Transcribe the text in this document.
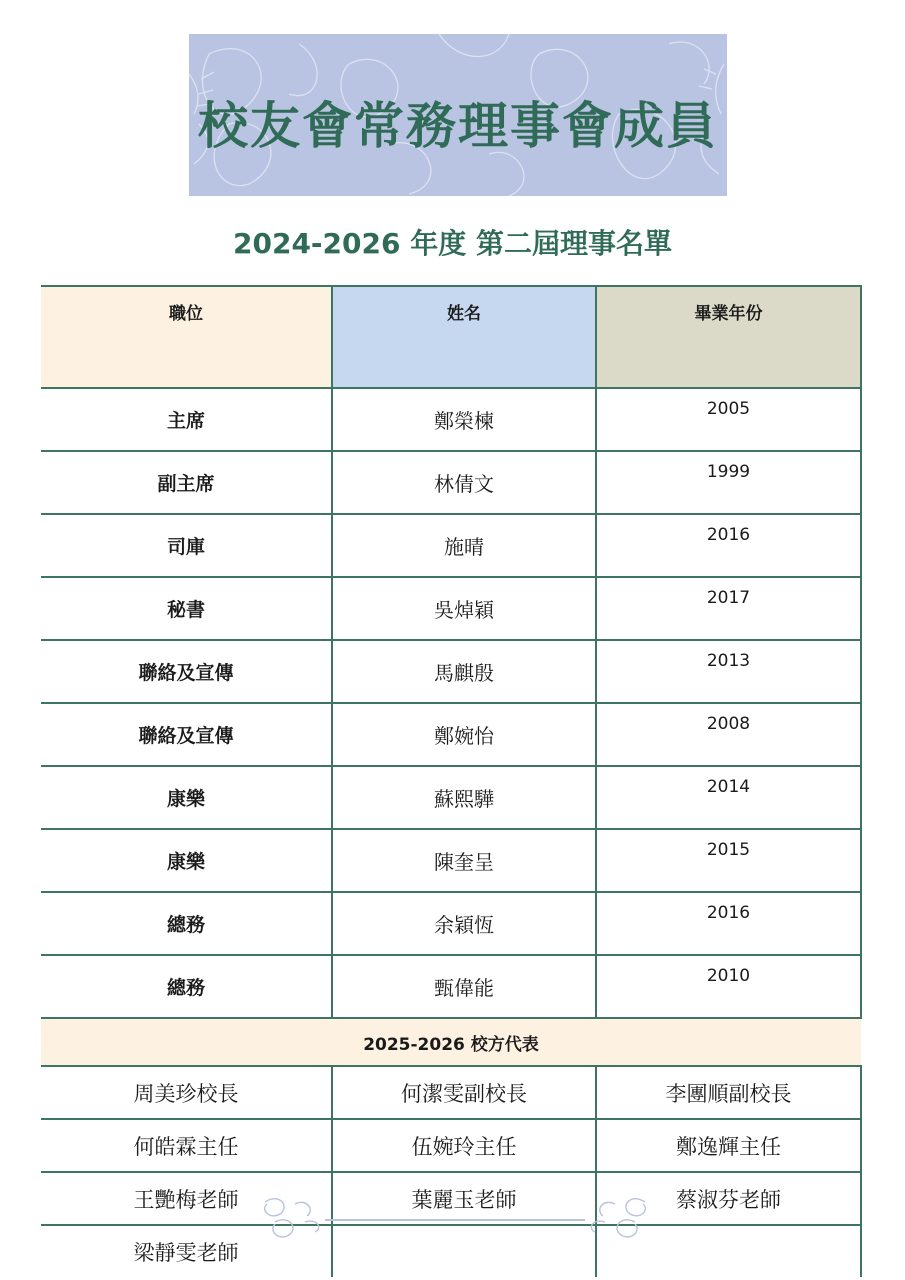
校友會常務理事會成員
2024-2026 年度 第二屆理事名單
職位	姓名	畢業年份
主席	鄭榮楝	2005
副主席	林倩文	1999
司庫	施晴	2016
秘書	吳焯穎	2017
聯絡及宣傳	馬麒殷	2013
聯絡及宣傳	鄭婉怡	2008
康樂	蘇熙驊	2014
康樂	陳奎呈	2015
總務	余穎恆	2016
總務	甄偉能	2010
2025-2026 校方代表		
周美珍校長	何潔雯副校長	李團順副校長
何皓霖主任	伍婉玲主任	鄭逸輝主任
王艷梅老師	葉麗玉老師	蔡淑芬老師
梁靜雯老師		
